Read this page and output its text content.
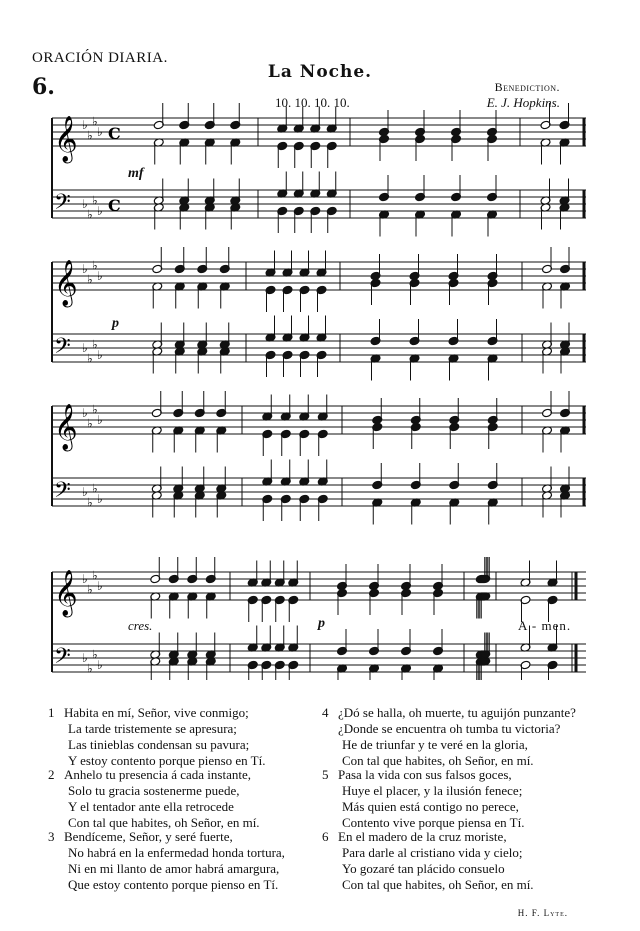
ORACIÓN DIARIA.
6.
La Noche.
Benediction.
10. 10. 10. 10.	E. J. Hopkins.
𝄞 ♭
♭
♭
♭ C
𝄢 ♭
♭
♭
♭ C
𝄞 ♭
♭
♭
♭
𝄢 ♭
♭
♭
♭
𝄞 ♭
♭
♭
♭
𝄢 ♭
♭
♭
♭
𝄞 ♭
♭
♭
♭
𝄢 ♭
♭
♭
♭
mf
p
p
cres.	A - men.
1 Habita en mí, Señor, vive conmigo;
La tarde tristemente se apresura;
Las tinieblas condensan su pavura;
Y estoy contento porque pienso en Tí.
2 Anhelo tu presencia á cada instante,
Solo tu gracia sostenerme puede,
Y el tentador ante ella retrocede
Con tal que habites, oh Señor, en mí.
3 Bendíceme, Señor, y seré fuerte,
No habrá en la enfermedad honda tortura,
Ni en mi llanto de amor habrá amargura,
Que estoy contento porque pienso en Tí.
4 ¿Dó se halla, oh muerte, tu aguijón punzante?
¿Donde se encuentra oh tumba tu victoria?
He de triunfar y te veré en la gloria,
Con tal que habites, oh Señor, en mí.
5 Pasa la vida con sus falsos goces,
Huye el placer, y la ilusión fenece;
Más quien está contigo no perece,
Contento vive porque piensa en Tí.
6 En el madero de la cruz moriste,
Para darle al cristiano vida y cielo;
Yo gozaré tan plácido consuelo
Con tal que habites, oh Señor, en mí.
H. F. Lyte.
